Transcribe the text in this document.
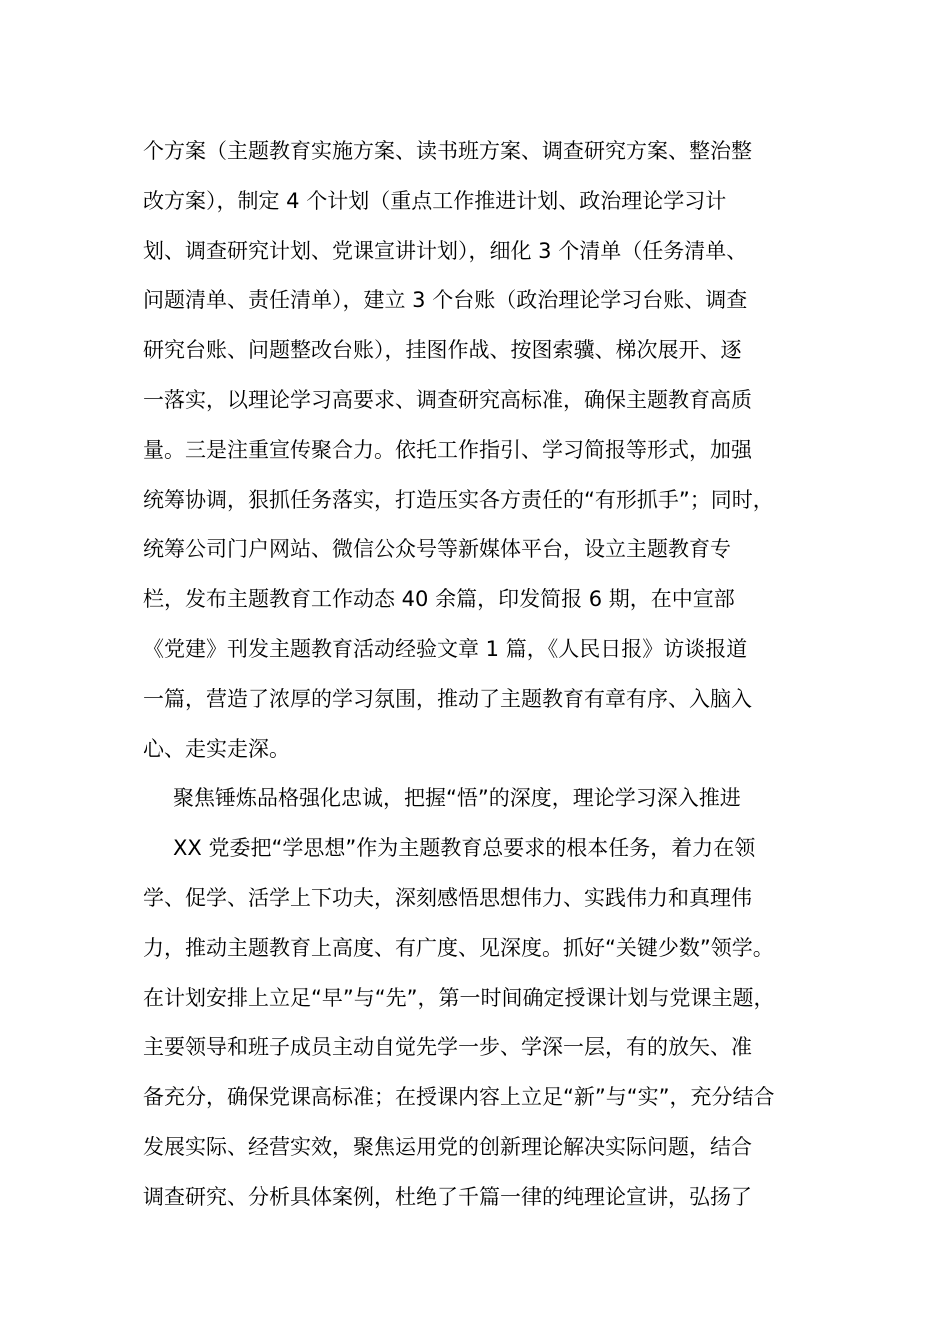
个方案（主题教育实施方案、读书班方案、调查研究方案、整治整
改方案），制定 4 个计划（重点工作推进计划、政治理论学习计
划、调查研究计划、党课宣讲计划），细化 3 个清单（任务清单、
问题清单、责任清单），建立 3 个台账（政治理论学习台账、调查
研究台账、问题整改台账），挂图作战、按图索骥、梯次展开、逐
一落实，以理论学习高要求、调查研究高标准，确保主题教育高质
量。三是注重宣传聚合力。依托工作指引、学习简报等形式，加强
统筹协调，狠抓任务落实，打造压实各方责任的“有形抓手”；同时，
统筹公司门户网站、微信公众号等新媒体平台，设立主题教育专
栏，发布主题教育工作动态 40 余篇，印发简报 6 期，在中宣部
《党建》刊发主题教育活动经验文章 1 篇，《人民日报》访谈报道
一篇，营造了浓厚的学习氛围，推动了主题教育有章有序、入脑入
心、走实走深。
聚焦锤炼品格强化忠诚，把握“悟”的深度，理论学习深入推进
XX 党委把“学思想”作为主题教育总要求的根本任务，着力在领
学、促学、活学上下功夫，深刻感悟思想伟力、实践伟力和真理伟
力，推动主题教育上高度、有广度、见深度。抓好“关键少数”领学。
在计划安排上立足“早”与“先”，第一时间确定授课计划与党课主题，
主要领导和班子成员主动自觉先学一步、学深一层，有的放矢、准
备充分，确保党课高标准；在授课内容上立足“新”与“实”，充分结合
发展实际、经营实效，聚焦运用党的创新理论解决实际问题，结合
调查研究、分析具体案例，杜绝了千篇一律的纯理论宣讲，弘扬了
